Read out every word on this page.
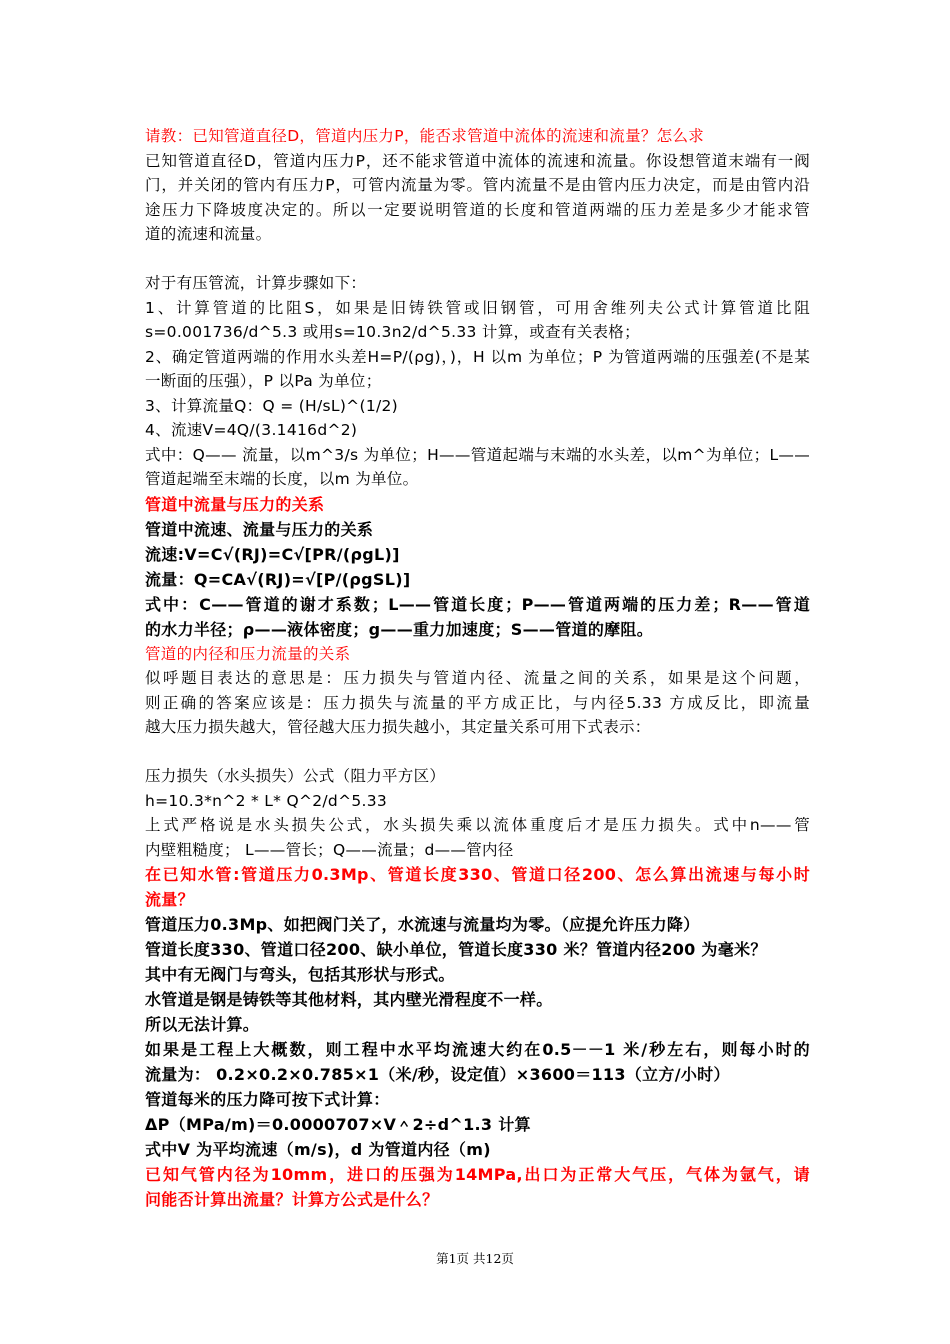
请教：已知管道直径D，管道内压力P，能否求管道中流体的流速和流量？怎么求
已知管道直径D，管道内压力P，还不能求管道中流体的流速和流量。你设想管道末端有一阀
门，并关闭的管内有压力P，可管内流量为零。管内流量不是由管内压力决定，而是由管内沿
途压力下降坡度决定的。所以一定要说明管道的长度和管道两端的压力差是多少才能求管
道的流速和流量。
对于有压管流，计算步骤如下：
1、计算管道的比阻S，如果是旧铸铁管或旧钢管，可用舍维列夫公式计算管道比阻
s=0.001736/d^5.3 或用s=10.3n2/d^5.33 计算，或查有关表格；
2、确定管道两端的作用水头差H=P/(ρg)，)，H 以m 为单位；P 为管道两端的压强差(不是某
一断面的压强），P 以Pa 为单位；
3、计算流量Q：Q = (H/sL)^(1/2)
4、流速V=4Q/(3.1416d^2)
式中：Q—— 流量，以m^3/s 为单位；H——管道起端与末端的水头差，以m^为单位；L——
管道起端至末端的长度，以m 为单位。
管道中流量与压力的关系
管道中流速、流量与压力的关系
流速:V=C√(RJ)=C√[PR/(ρgL)]
流量：Q=CA√(RJ)=√[P/(ρgSL)]
式中：C——管道的谢才系数；L——管道长度；P——管道两端的压力差；R——管道
的水力半径；ρ——液体密度；g——重力加速度；S——管道的摩阻。
管道的内径和压力流量的关系
似呼题目表达的意思是：压力损失与管道内径、流量之间的关系，如果是这个问题，
则正确的答案应该是：压力损失与流量的平方成正比，与内径5.33 方成反比，即流量
越大压力损失越大，管径越大压力损失越小，其定量关系可用下式表示：
压力损失（水头损失）公式（阻力平方区）
h=10.3*n^2 * L* Q^2/d^5.33
上式严格说是水头损失公式，水头损失乘以流体重度后才是压力损失。式中n——管
内壁粗糙度； L——管长；Q——流量；d——管内径
在已知水管:管道压力0.3Mp、管道长度330、管道口径200、怎么算出流速与每小时
流量？
管道压力0.3Mp、如把阀门关了，水流速与流量均为零。（应提允许压力降）
管道长度330、管道口径200、缺小单位，管道长度330 米？管道内径200 为毫米？
其中有无阀门与弯头，包括其形状与形式。
水管道是钢是铸铁等其他材料，其内壁光滑程度不一样。
所以无法计算。
如果是工程上大概数，则工程中水平均流速大约在0.5－－1 米/秒左右，则每小时的
流量为： 0.2×0.2×0.785×1（米/秒，设定值）×3600＝113（立方/小时）
管道每米的压力降可按下式计算：
ΔP（MPa/m)＝0.0000707×V＾2÷d^1.3 计算
式中V 为平均流速（m/s)，d 为管道内径（m)
已知气管内径为10mm，进口的压强为14MPa,出口为正常大气压，气体为氩气，请
问能否计算出流量？计算方公式是什么？
第1页 共12页
